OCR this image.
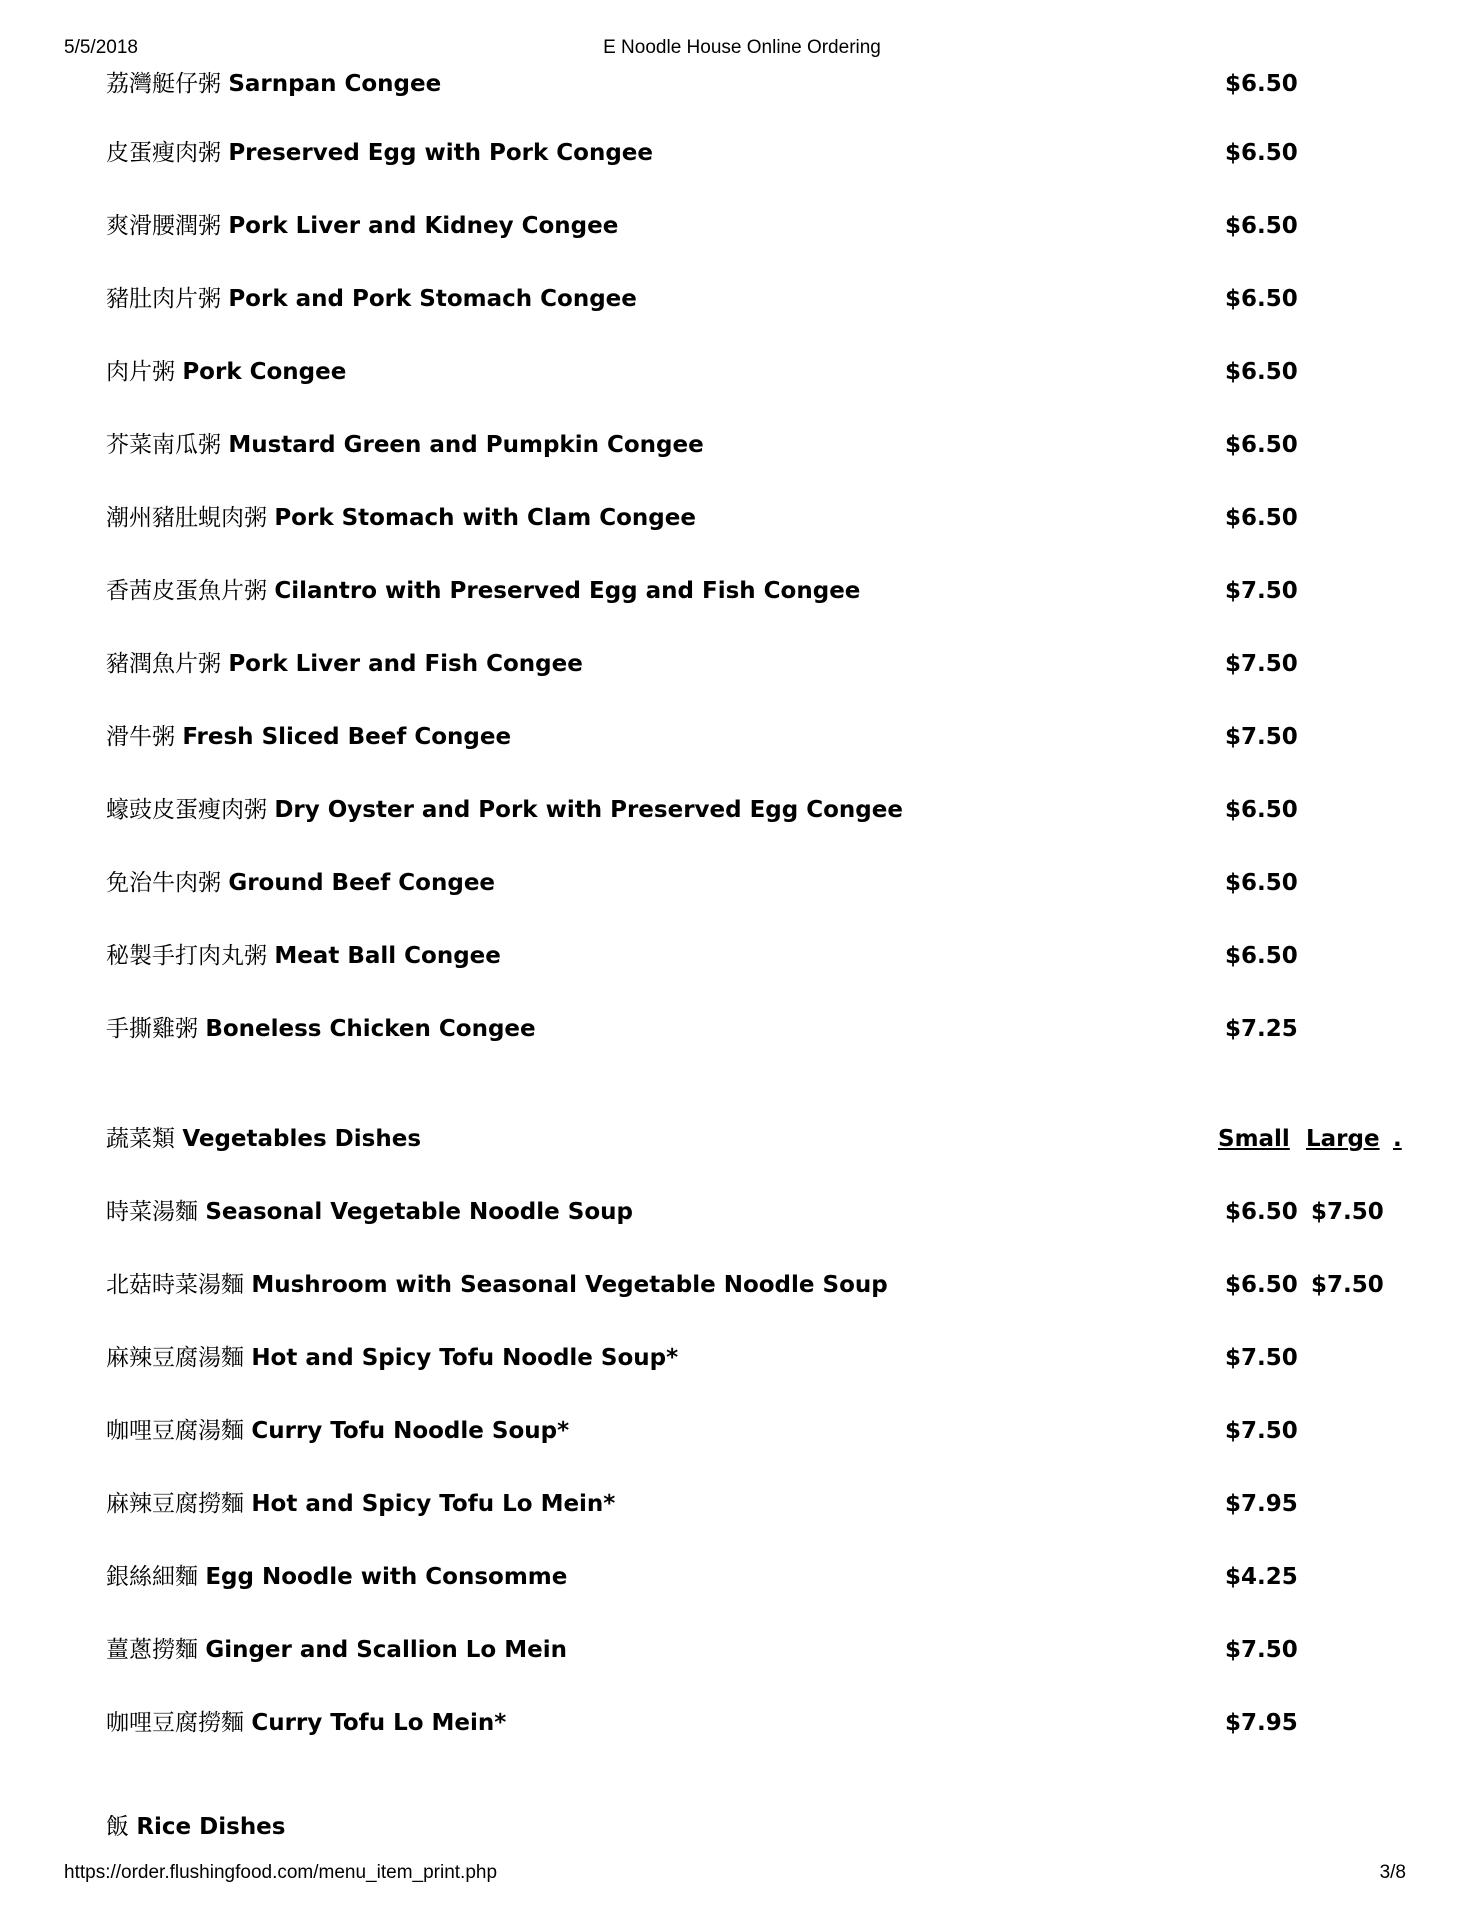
5/5/2018	E Noodle House Online Ordering
荔灣艇仔粥 Sarnpan Congee	$6.50
皮蛋瘦肉粥 Preserved Egg with Pork Congee	$6.50
爽滑腰潤粥 Pork Liver and Kidney Congee	$6.50
豬肚肉片粥 Pork and Pork Stomach Congee	$6.50
肉片粥 Pork Congee	$6.50
芥菜南瓜粥 Mustard Green and Pumpkin Congee	$6.50
潮州豬肚蜆肉粥 Pork Stomach with Clam Congee	$6.50
香茜皮蛋魚片粥 Cilantro with Preserved Egg and Fish Congee	$7.50
豬潤魚片粥 Pork Liver and Fish Congee	$7.50
滑牛粥 Fresh Sliced Beef Congee	$7.50
蠔豉皮蛋瘦肉粥 Dry Oyster and Pork with Preserved Egg Congee	$6.50
免治牛肉粥 Ground Beef Congee	$6.50
秘製手打肉丸粥 Meat Ball Congee	$6.50
手撕雞粥 Boneless Chicken Congee	$7.25
蔬菜類 Vegetables Dishes	Small Large .
時菜湯麵 Seasonal Vegetable Noodle Soup	$6.50 $7.50
北菇時菜湯麵 Mushroom with Seasonal Vegetable Noodle Soup	$6.50 $7.50
麻辣豆腐湯麵 Hot and Spicy Tofu Noodle Soup*	$7.50
咖哩豆腐湯麵 Curry Tofu Noodle Soup*	$7.50
麻辣豆腐撈麵 Hot and Spicy Tofu Lo Mein*	$7.95
銀絲細麵 Egg Noodle with Consomme	$4.25
薑蔥撈麵 Ginger and Scallion Lo Mein	$7.50
咖哩豆腐撈麵 Curry Tofu Lo Mein*	$7.95
飯 Rice Dishes
https://order.flushingfood.com/menu_item_print.php	3/8
